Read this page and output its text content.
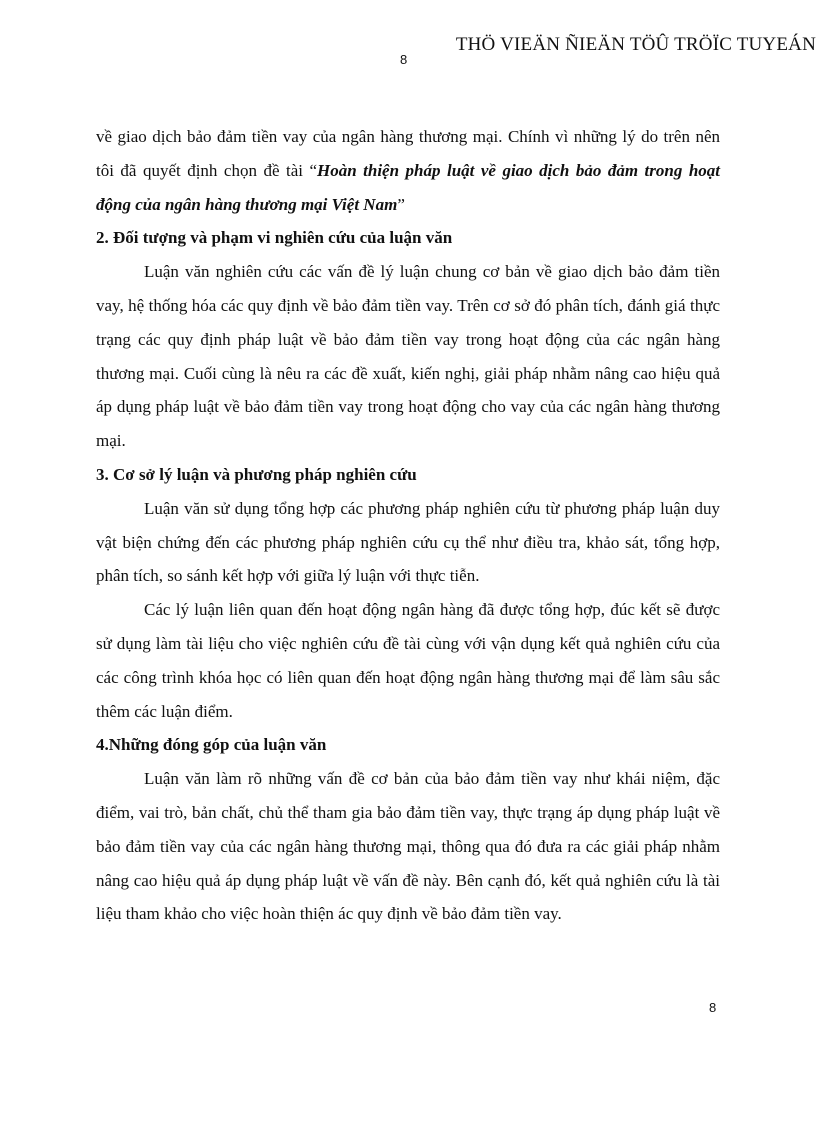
THÖ VIEÄN ÑIEÄN TÖÛ TRÖÏC TUYEÁN
8

về giao dịch bảo đảm tiền vay của ngân hàng thương mại. Chính vì những lý do trên nên tôi đã quyết định chọn đề tài “Hoàn thiện pháp luật về giao dịch bảo đảm trong hoạt động của ngân hàng thương mại Việt Nam”

2. Đối tượng và phạm vi nghiên cứu của luận văn

Luận văn nghiên cứu các vấn đề lý luận chung cơ bản về giao dịch bảo đảm tiền vay, hệ thống hóa các quy định về bảo đảm tiền vay. Trên cơ sở đó phân tích, đánh giá thực trạng các quy định pháp luật về bảo đảm tiền vay trong hoạt động của các ngân hàng thương mại. Cuối cùng là nêu ra các đề xuất, kiến nghị, giải pháp nhằm nâng cao hiệu quả áp dụng pháp luật về bảo đảm tiền vay trong hoạt động cho vay của các ngân hàng thương mại.

3. Cơ sở lý luận và phương pháp nghiên cứu

Luận văn sử dụng tổng hợp các phương pháp nghiên cứu từ phương pháp luận duy vật biện chứng đến các phương pháp nghiên cứu cụ thể như điều tra, khảo sát, tổng hợp, phân tích, so sánh kết hợp với giữa lý luận với thực tiễn.

Các lý luận liên quan đến hoạt động ngân hàng đã được tổng hợp, đúc kết sẽ được sử dụng làm tài liệu cho việc nghiên cứu đề tài cùng với vận dụng kết quả nghiên cứu của các công trình khóa học có liên quan đến hoạt động ngân hàng thương mại để làm sâu sắc thêm các luận điểm.

4.Những đóng góp của luận văn

Luận văn làm rõ những vấn đề cơ bản của bảo đảm tiền vay như khái niệm, đặc điểm, vai trò, bản chất, chủ thể tham gia bảo đảm tiền vay, thực trạng áp dụng pháp luật về bảo đảm tiền vay của các ngân hàng thương mại, thông qua đó đưa ra các giải pháp nhằm nâng cao hiệu quả áp dụng pháp luật về vấn đề này. Bên cạnh đó, kết quả nghiên cứu là tài liệu tham khảo cho việc hoàn thiện ác quy định về bảo đảm tiền vay.

8
